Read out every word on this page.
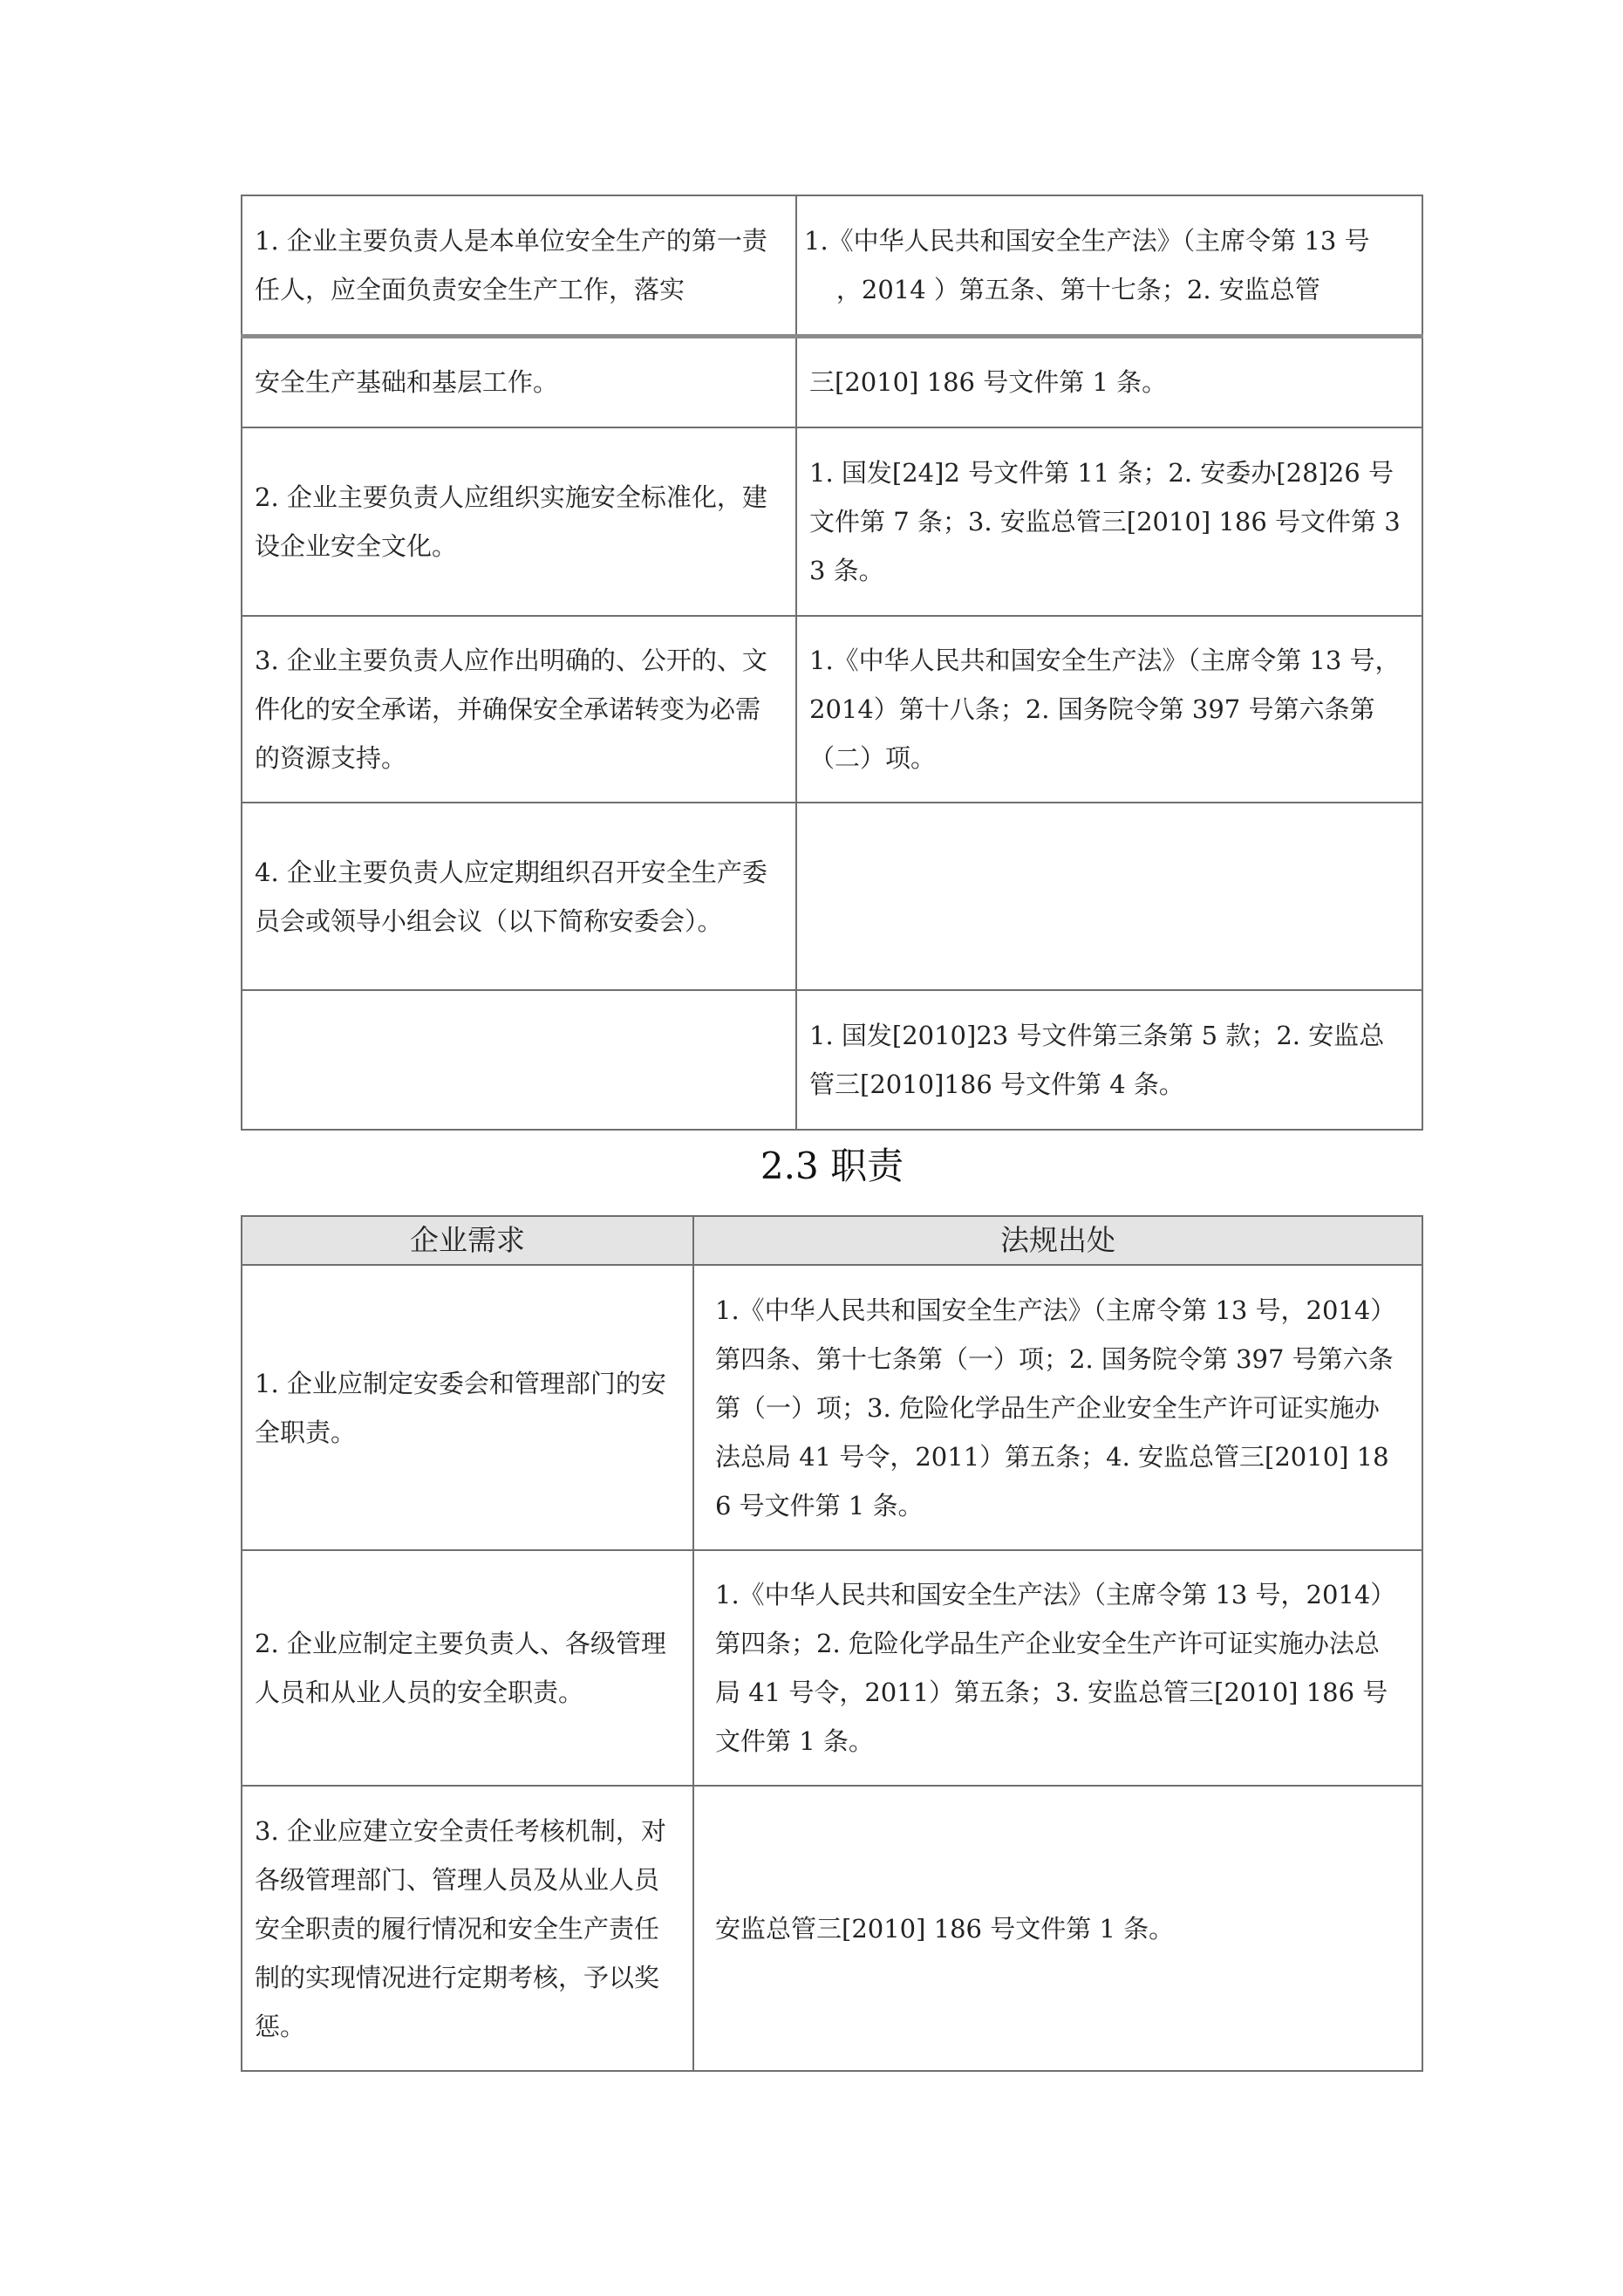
1. 企业主要负责人是本单位安全生产的第一责任人，应全面负责安全生产工作，落实	1.《中华人民共和国安全生产法》（主席令第 13 号
，2014 ）第五条、第十七条；2. 安监总管
安全生产基础和基层工作。	三[2010] 186 号文件第 1 条。
2. 企业主要负责人应组织实施安全标准化，建设企业安全文化。	1. 国发[24]2 号文件第 11 条；2. 安委办[28]26 号文件第 7 条；3. 安监总管三[2010] 186 号文件第 33 条。
3. 企业主要负责人应作出明确的、公开的、文件化的安全承诺，并确保安全承诺转变为必需的资源支持。	1.《中华人民共和国安全生产法》（主席令第 13 号，2014）第十八条；2. 国务院令第 397 号第六条第（二）项。
4. 企业主要负责人应定期组织召开安全生产委员会或领导小组会议（以下简称安委会）。	
	1. 国发[2010]23 号文件第三条第 5 款；2. 安监总管三[2010]186 号文件第 4 条。
2.3 职责
企业需求	法规出处
1. 企业应制定安委会和管理部门的安全职责。	1.《中华人民共和国安全生产法》（主席令第 13 号，2014）第四条、第十七条第（一）项；2. 国务院令第 397 号第六条第（一）项；3. 危险化学品生产企业安全生产许可证实施办法总局 41 号令，2011）第五条；4. 安监总管三[2010] 186 号文件第 1 条。
2. 企业应制定主要负责人、各级管理人员和从业人员的安全职责。	1.《中华人民共和国安全生产法》（主席令第 13 号，2014）第四条；2. 危险化学品生产企业安全生产许可证实施办法总局 41 号令，2011）第五条；3. 安监总管三[2010] 186 号文件第 1 条。
3. 企业应建立安全责任考核机制，对各级管理部门、管理人员及从业人员安全职责的履行情况和安全生产责任制的实现情况进行定期考核，予以奖惩。	安监总管三[2010] 186 号文件第 1 条。
